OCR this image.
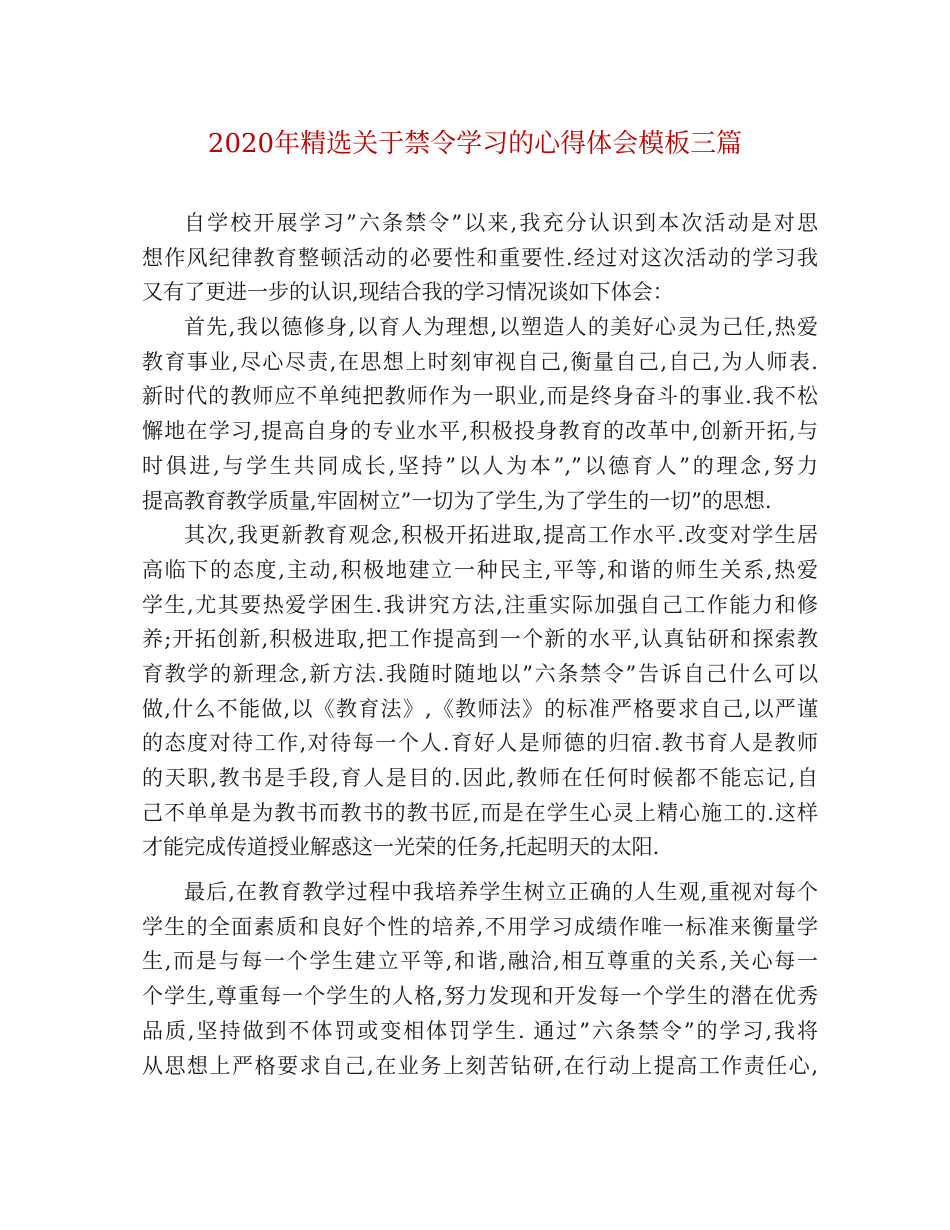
2020年精选关于禁令学习的心得体会模板三篇
自学校开展学习”六条禁令”以来,我充分认识到本次活动是对思
想作风纪律教育整顿活动的必要性和重要性.经过对这次活动的学习我
又有了更进一步的认识,现结合我的学习情况谈如下体会：
首先,我以德修身,以育人为理想,以塑造人的美好心灵为己任,热爱
教育事业,尽心尽责,在思想上时刻审视自己,衡量自己,自己,为人师表.
新时代的教师应不单纯把教师作为一职业,而是终身奋斗的事业.我不松
懈地在学习,提高自身的专业水平,积极投身教育的改革中,创新开拓,与
时俱进,与学生共同成长,坚持”以人为本”,”以德育人”的理念,努力
提高教育教学质量,牢固树立”一切为了学生,为了学生的一切”的思想.
其次,我更新教育观念,积极开拓进取,提高工作水平.改变对学生居
高临下的态度,主动,积极地建立一种民主,平等,和谐的师生关系,热爱
学生,尤其要热爱学困生.我讲究方法,注重实际加强自己工作能力和修
养;开拓创新,积极进取,把工作提高到一个新的水平,认真钻研和探索教
育教学的新理念,新方法.我随时随地以”六条禁令”告诉自己什么可以
做,什么不能做,以《教育法》,《教师法》的标准严格要求自己,以严谨
的态度对待工作,对待每一个人.育好人是师德的归宿.教书育人是教师
的天职,教书是手段,育人是目的.因此,教师在任何时候都不能忘记,自
己不单单是为教书而教书的教书匠,而是在学生心灵上精心施工的.这样
才能完成传道授业解惑这一光荣的任务,托起明天的太阳.
最后,在教育教学过程中我培养学生树立正确的人生观,重视对每个
学生的全面素质和良好个性的培养,不用学习成绩作唯一标准来衡量学
生,而是与每一个学生建立平等,和谐,融洽,相互尊重的关系,关心每一
个学生,尊重每一个学生的人格,努力发现和开发每一个学生的潜在优秀
品质,坚持做到不体罚或变相体罚学生. 通过”六条禁令”的学习,我将
从思想上严格要求自己,在业务上刻苦钻研,在行动上提高工作责任心,
